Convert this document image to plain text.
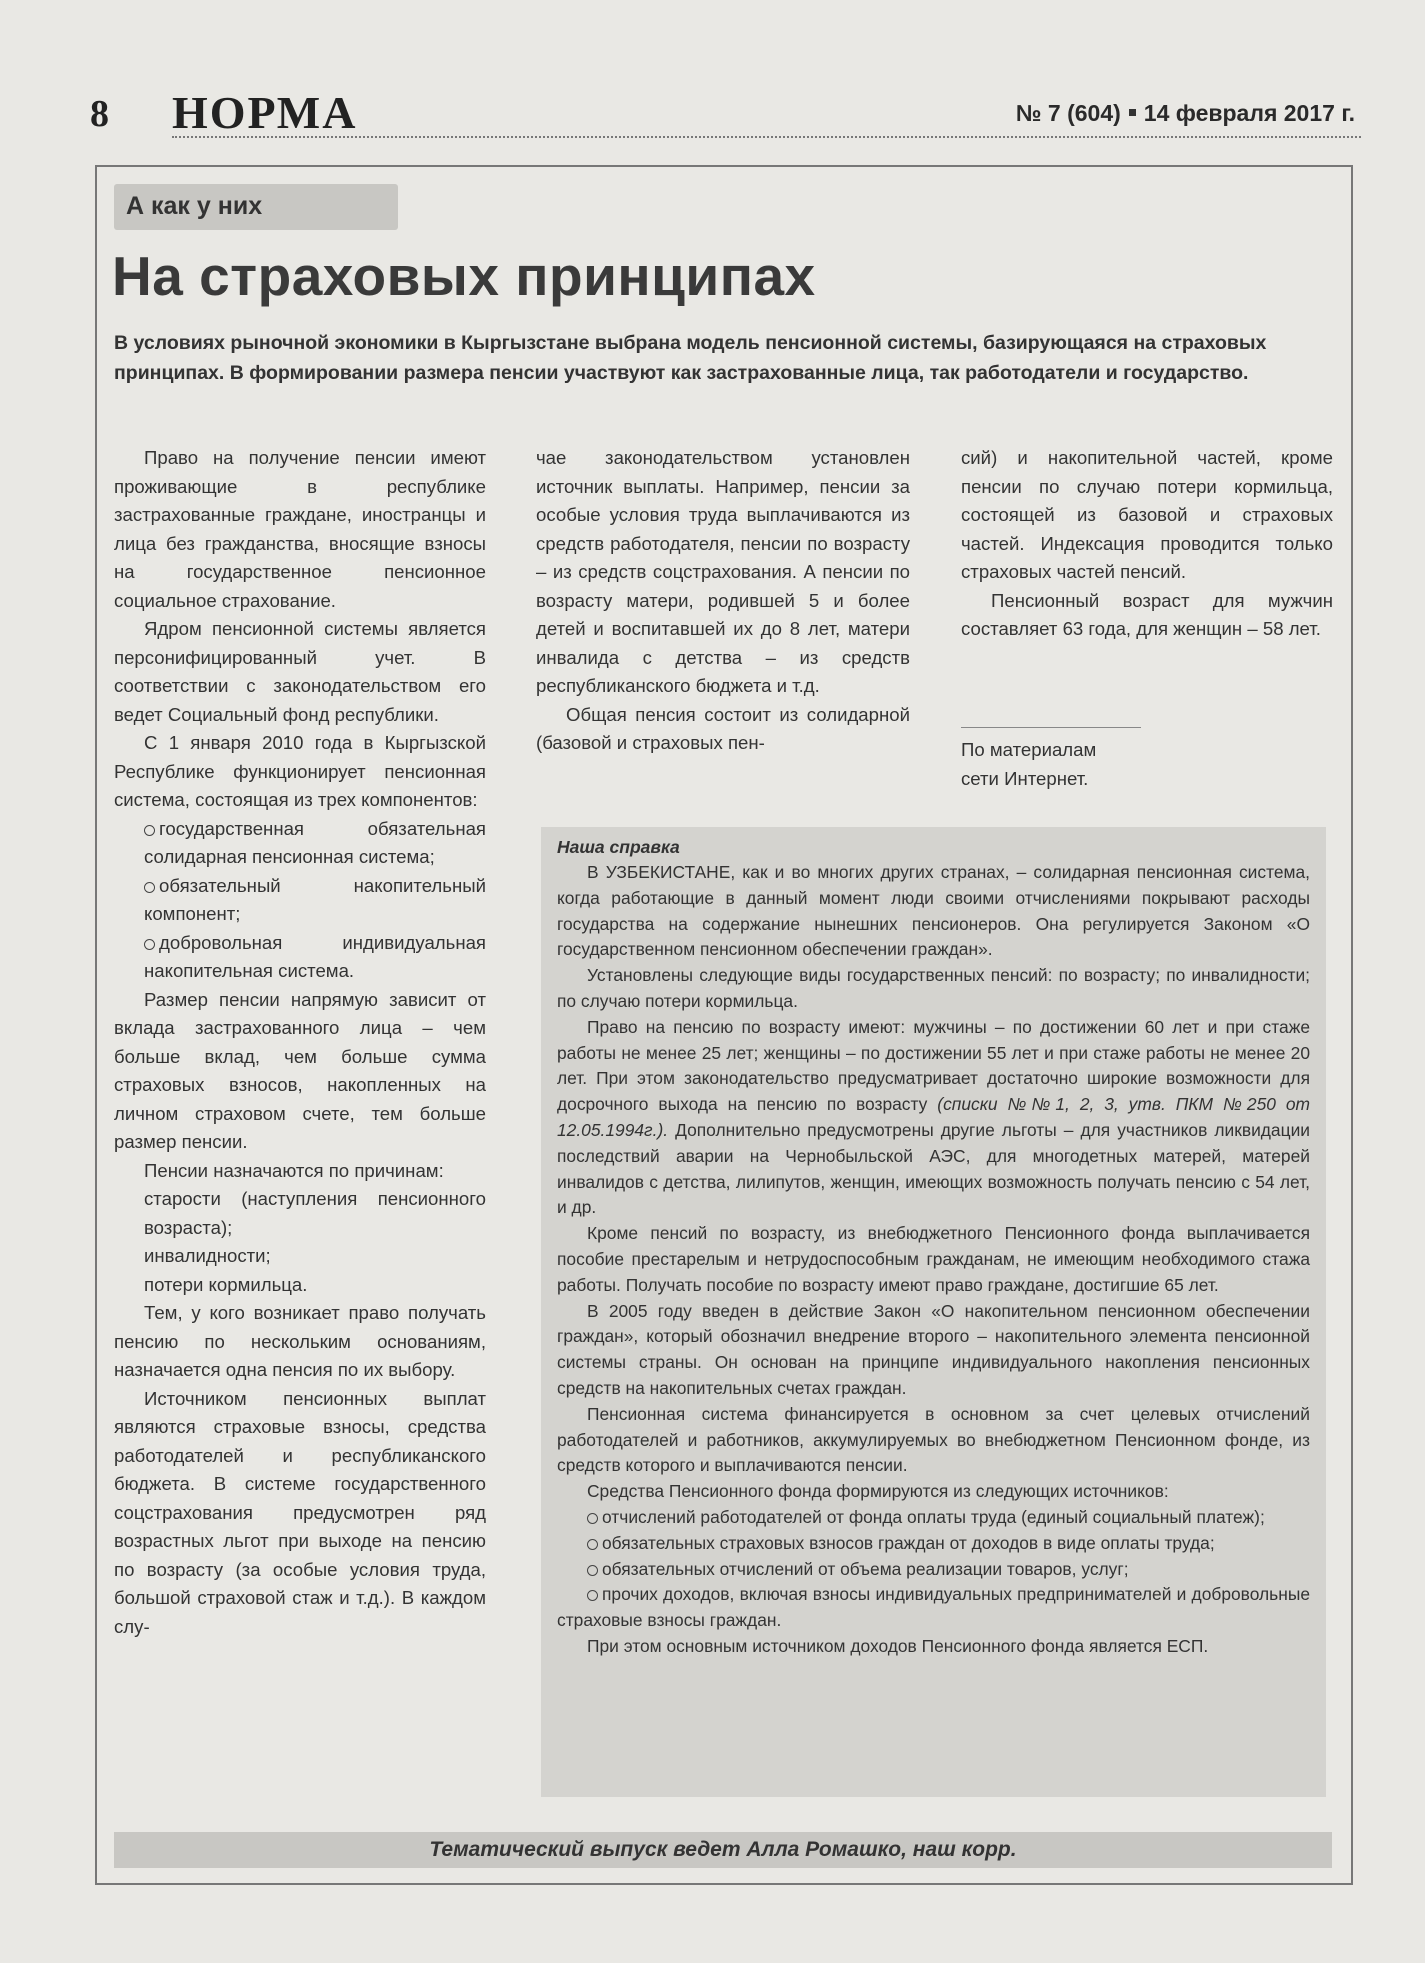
8 НОРМА	№ 7 (604) 14 февраля 2017 г.
А как у них
На страховых принципах
В условиях рыночной экономики в Кыргызстане выбрана модель пенсионной системы, базирующаяся на страховых принципах. В формировании размера пенсии участвуют как застрахованные лица, так работодатели и государство.

Право на получение пенсии имеют проживающие в республике застрахованные граждане, иностранцы и лица без гражданства, вносящие взносы на государственное пенсионное социальное страхование.

Ядром пенсионной системы является персонифицированный учет. В соответствии с законодательством его ведет Социальный фонд республики.

С 1 января 2010 года в Кыргызской Республике функционирует пенсионная система, состоящая из трех компонентов:

государственная обязательная солидарная пенсионная система;

обязательный накопительный компонент;

добровольная индивидуальная накопительная система.

Размер пенсии напрямую зависит от вклада застрахованного лица – чем больше вклад, чем больше сумма страховых взносов, накопленных на личном страховом счете, тем больше размер пенсии.

Пенсии назначаются по причинам:

старости (наступления пенсионного возраста);

инвалидности;

потери кормильца.

Тем, у кого возникает право получать пенсию по нескольким основаниям, назначается одна пенсия по их выбору.

Источником пенсионных выплат являются страховые взносы, средства работодателей и республиканского бюджета. В системе государственного соцстрахования предусмотрен ряд возрастных льгот при выходе на пенсию по возрасту (за особые условия труда, большой страховой стаж и т.д.). В каждом слу-

чае законодательством установлен источник выплаты. Например, пенсии за особые условия труда выплачиваются из средств работодателя, пенсии по возрасту – из средств соцстрахования. А пенсии по возрасту матери, родившей 5 и более детей и воспитавшей их до 8 лет, матери инвалида с детства – из средств республиканского бюджета и т.д.

Общая пенсия состоит из солидарной (базовой и страховых пен-

сий) и накопительной частей, кроме пенсии по случаю потери кормильца, состоящей из базовой и страховых частей. Индексация проводится только страховых частей пенсий.

Пенсионный возраст для мужчин составляет 63 года, для женщин – 58 лет.

По материалам
сети Интернет.
Наша справка

В УЗБЕКИСТАНЕ, как и во многих других странах, – солидарная пенсионная система, когда работающие в данный момент люди своими отчислениями покрывают расходы государства на содержание нынешних пенсионеров. Она регулируется Законом «О государственном пенсионном обеспечении граждан».

Установлены следующие виды государственных пенсий: по возрасту; по инвалидности; по случаю потери кормильца.

Право на пенсию по возрасту имеют: мужчины – по достижении 60 лет и при стаже работы не менее 25 лет; женщины – по достижении 55 лет и при стаже работы не менее 20 лет. При этом законодательство предусматривает достаточно широкие возможности для досрочного выхода на пенсию по возрасту (списки №№1, 2, 3, утв. ПКМ №250 от 12.05.1994г.). Дополнительно предусмотрены другие льготы – для участников ликвидации последствий аварии на Чернобыльской АЭС, для многодетных матерей, матерей инвалидов с детства, лилипутов, женщин, имеющих возможность получать пенсию с 54 лет, и др.

Кроме пенсий по возрасту, из внебюджетного Пенсионного фонда выплачивается пособие престарелым и нетрудоспособным гражданам, не имеющим необходимого стажа работы. Получать пособие по возрасту имеют право гражданe, достигшие 65 лет.

В 2005 году введен в действие Закон «О накопительном пенсионном обеспечении граждан», который обозначил внедрение второго – накопительного элемента пенсионной системы страны. Он основан на принципе индивидуального накопления пенсионных средств на накопительных счетах граждан.

Пенсионная система финансируется в основном за счет целевых отчислений работодателей и работников, аккумулируемых во внебюджетном Пенсионном фонде, из средств которого и выплачиваются пенсии.

Средства Пенсионного фонда формируются из следующих источников:

отчислений работодателей от фонда оплаты труда (единый социальный платеж);

обязательных страховых взносов граждан от доходов в виде оплаты труда;

обязательных отчислений от объема реализации товаров, услуг;

прочих доходов, включая взносы индивидуальных предпринимателей и добровольные страховые взносы граждан.

При этом основным источником доходов Пенсионного фонда является ЕСП.

Тематический выпуск ведет Алла Ромашко, наш корр.
